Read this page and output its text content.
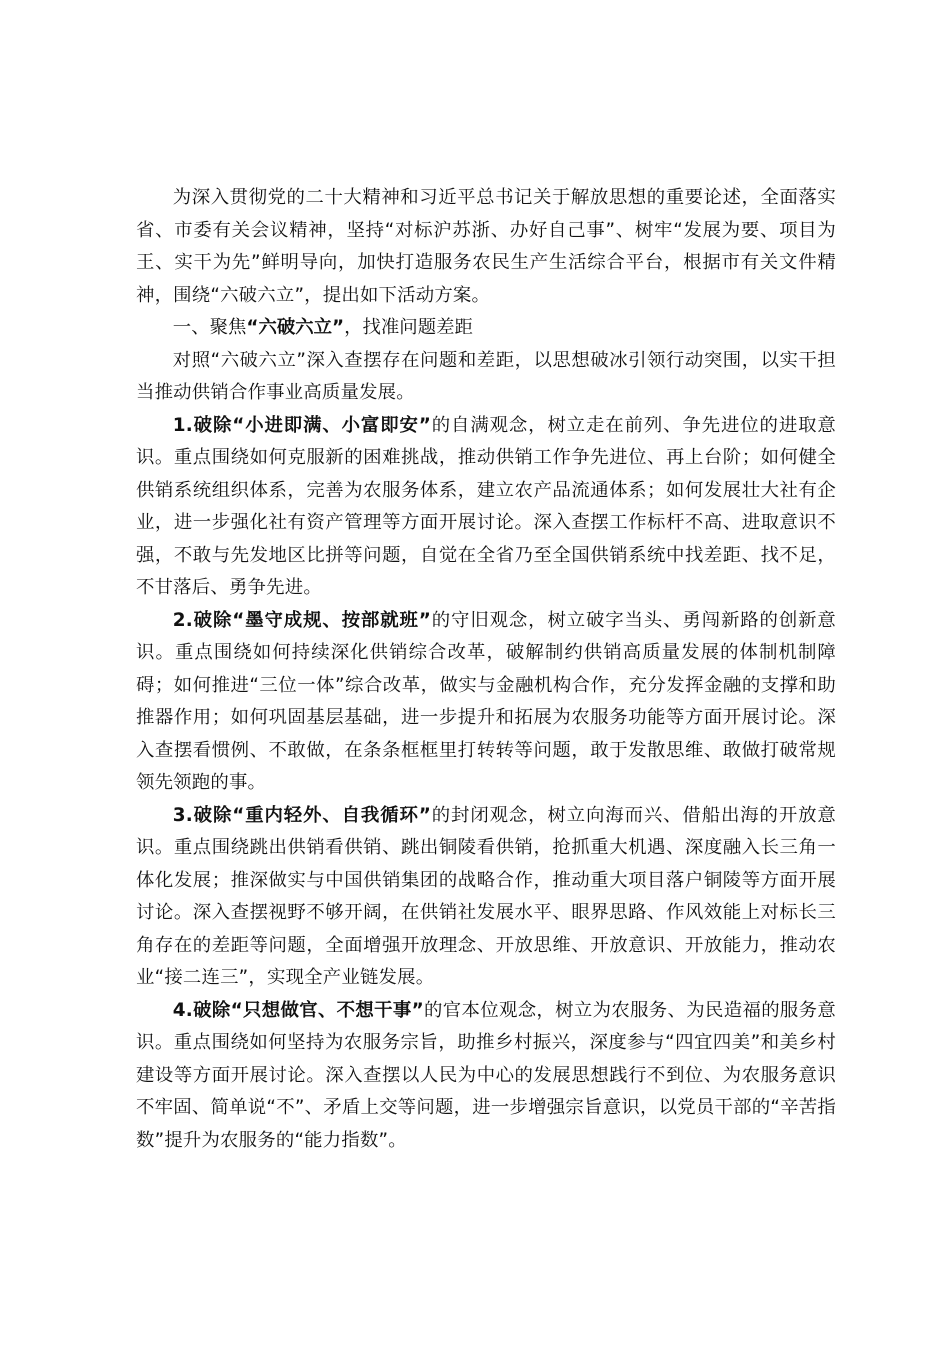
为深入贯彻党的二十大精神和习近平总书记关于解放思想的重要论述，全面落实省、市委有关会议精神，坚持“对标沪苏浙、办好自己事”、树牢“发展为要、项目为王、实干为先”鲜明导向，加快打造服务农民生产生活综合平台，根据市有关文件精神，围绕“六破六立”，提出如下活动方案。

一、聚焦“六破六立”，找准问题差距

对照“六破六立”深入查摆存在问题和差距，以思想破冰引领行动突围，以实干担当推动供销合作事业高质量发展。

1.破除“小进即满、小富即安”的自满观念，树立走在前列、争先进位的进取意识。重点围绕如何克服新的困难挑战，推动供销工作争先进位、再上台阶；如何健全供销系统组织体系，完善为农服务体系，建立农产品流通体系；如何发展壮大社有企业，进一步强化社有资产管理等方面开展讨论。深入查摆工作标杆不高、进取意识不强，不敢与先发地区比拼等问题，自觉在全省乃至全国供销系统中找差距、找不足，不甘落后、勇争先进。

2.破除“墨守成规、按部就班”的守旧观念，树立破字当头、勇闯新路的创新意识。重点围绕如何持续深化供销综合改革，破解制约供销高质量发展的体制机制障碍；如何推进“三位一体”综合改革，做实与金融机构合作，充分发挥金融的支撑和助推器作用；如何巩固基层基础，进一步提升和拓展为农服务功能等方面开展讨论。深入查摆看惯例、不敢做，在条条框框里打转转等问题，敢于发散思维、敢做打破常规领先领跑的事。

3.破除“重内轻外、自我循环”的封闭观念，树立向海而兴、借船出海的开放意识。重点围绕跳出供销看供销、跳出铜陵看供销，抢抓重大机遇、深度融入长三角一体化发展；推深做实与中国供销集团的战略合作，推动重大项目落户铜陵等方面开展讨论。深入查摆视野不够开阔，在供销社发展水平、眼界思路、作风效能上对标长三角存在的差距等问题，全面增强开放理念、开放思维、开放意识、开放能力，推动农业“接二连三”，实现全产业链发展。

4.破除“只想做官、不想干事”的官本位观念，树立为农服务、为民造福的服务意识。重点围绕如何坚持为农服务宗旨，助推乡村振兴，深度参与“四宜四美”和美乡村建设等方面开展讨论。深入查摆以人民为中心的发展思想践行不到位、为农服务意识不牢固、简单说“不”、矛盾上交等问题，进一步增强宗旨意识，以党员干部的“辛苦指数”提升为农服务的“能力指数”。
